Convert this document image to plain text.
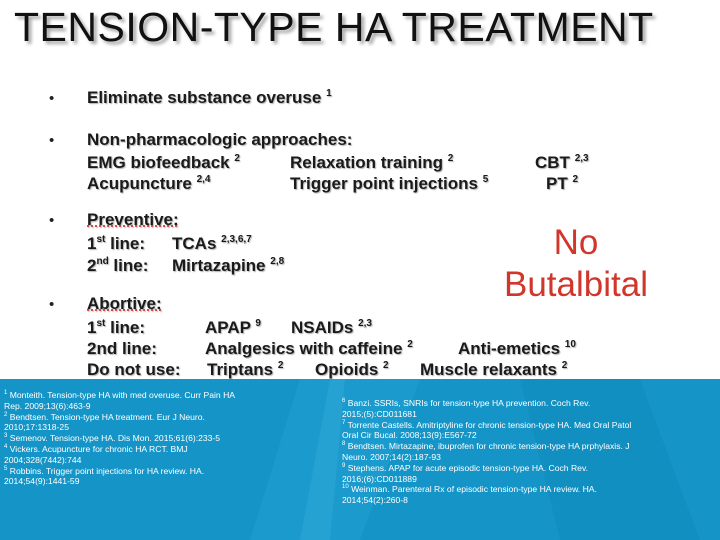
TENSION-TYPE HA TREATMENT
• Eliminate substance overuse $^1$
• Non-pharmacologic approaches:
EMG biofeedback $^2$	Relaxation training $^2$	CBT $^{2,3}$
Acupuncture $^{2,4}$	Trigger point injections $^5$	PT $^2$
• Preventive:
1st line: TCAs $^{2,3,6,7}$
2nd line: Mirtazapine $^{2,8}$	No
Butalbital
• Abortive:
1st line:	APAP $^9$ NSAIDs $^{2,3}$
2nd line:	Analgesics with caffeine $^2$	Anti-emetics $^{10}$
Do not use: Triptans $^2$ Opioids $^2$ Muscle relaxants $^2$
$^1$ Monteith. Tension-type HA with med overuse. Curr Pain HA
Rep. 2009;13(6):463-9
$^2$ Bendtsen. Tension-type HA treatment. Eur J Neuro.
2010;17:1318-25
$^3$ Semenov. Tension-type HA. Dis Mon. 2015;61(6):233-5
$^4$ Vickers. Acupuncture for chronic HA RCT. BMJ
2004;328(7442):744
$^5$ Robbins. Trigger point injections for HA review. HA.
2014;54(9):1441-59
$^6$ Banzi. SSRIs, SNRIs for tension-type HA prevention. Coch Rev.
2015;(5):CD011681
$^7$ Torrente Castells. Amitriptyline for chronic tension-type HA. Med Oral Patol
Oral Cir Bucal. 2008;13(9):E567-72
$^8$ Bendtsen. Mirtazapine, ibuprofen for chronic tension-type HA prphylaxis. J
Neuro. 2007;14(2):187-93
$^9$ Stephens. APAP for acute episodic tension-type HA. Coch Rev.
2016;(6):CD011889
$^{10}$ Weinman. Parenteral Rx of episodic tension-type HA review. HA.
2014;54(2):260-8
